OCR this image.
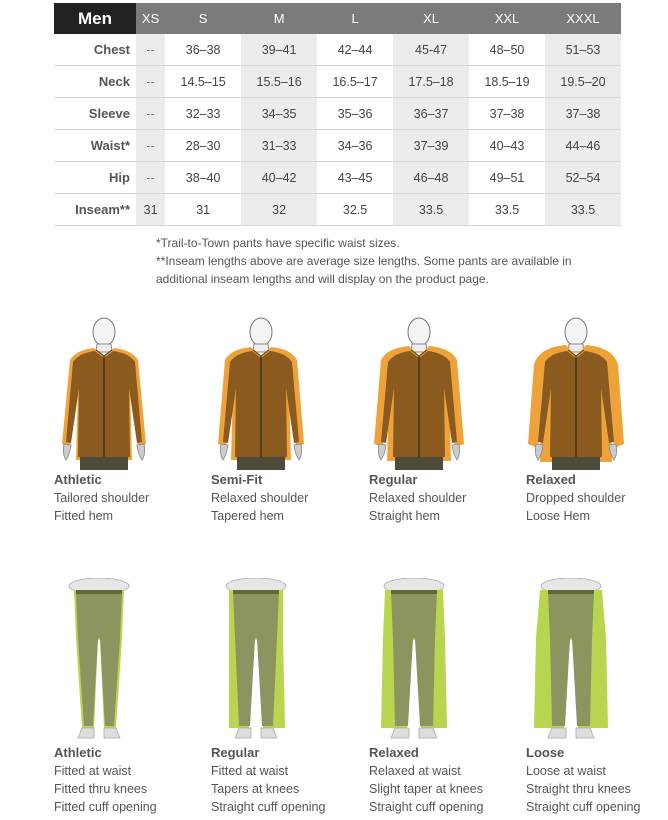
Men	XS	S	M	L	XL	XXL	XXXL
Chest	--	36–38	39–41	42–44	45-47	48–50	51–53
Neck	--	14.5–15	15.5–16	16.5–17	17.5–18	18.5–19	19.5–20
Sleeve	--	32–33	34–35	35–36	36–37	37–38	37–38
Waist*	--	28–30	31–33	34–36	37–39	40–43	44–46
Hip	--	38–40	40–42	43–45	46–48	49–51	52–54
Inseam**	31	31	32	32.5	33.5	33.5	33.5

*Trail-to-Town pants have specific waist sizes.

**Inseam lengths above are average size lengths. Some pants are available in additional inseam lengths and will display on the product page.

Athletic
Tailored shoulder
Fitted hem
Semi-Fit
Relaxed shoulder
Tapered hem
Regular
Relaxed shoulder
Straight hem
Relaxed
Dropped shoulder
Loose Hem
Athletic
Fitted at waist
Fitted thru knees
Fitted cuff opening
Regular
Fitted at waist
Tapers at knees
Straight cuff opening
Relaxed
Relaxed at waist
Slight taper at knees
Straight cuff opening
Loose
Loose at waist
Straight thru knees
Straight cuff opening
